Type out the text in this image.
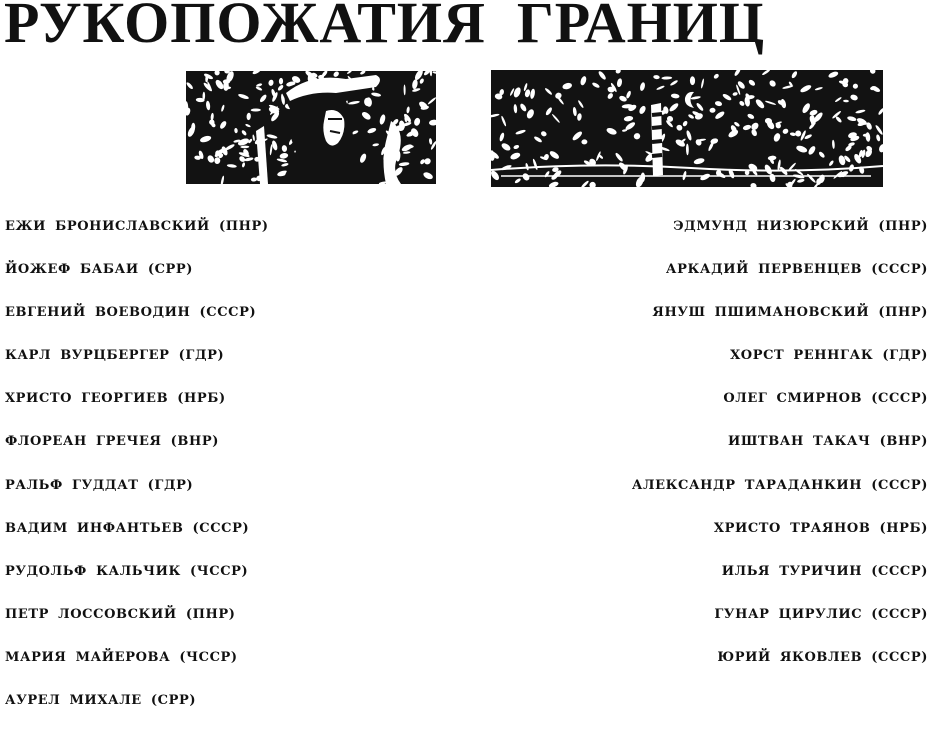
РУКОПОЖАТИЯ  ГРАНИЦ
ЕЖИ БРОНИСЛАВСКИЙ (ПНР)
ЙОЖЕФ БАБАИ (СРР)
ЕВГЕНИЙ ВОЕВОДИН (СССР)
КАРЛ ВУРЦБЕРГЕР (ГДР)
ХРИСТО ГЕОРГИЕВ (НРБ)
ФЛОРЕАН ГРЕЧЕЯ (ВНР)
РАЛЬФ ГУДДАТ (ГДР)
ВАДИМ ИНФАНТЬЕВ (СССР)
РУДОЛЬФ КАЛЬЧИК (ЧССР)
ПЕТР ЛОССОВСКИЙ (ПНР)
МАРИЯ МАЙЕРОВА (ЧССР)
АУРЕЛ МИХАЛЕ (СРР)
ЭДМУНД НИЗЮРСКИЙ (ПНР)
АРКАДИЙ ПЕРВЕНЦЕВ (СССР)
ЯНУШ ПШИМАНОВСКИЙ (ПНР)
ХОРСТ РЕННГАК (ГДР)
ОЛЕГ СМИРНОВ (СССР)
ИШТВАН ТАКАЧ (ВНР)
АЛЕКСАНДР ТАРАДАНКИН (СССР)
ХРИСТО ТРАЯНОВ (НРБ)
ИЛЬЯ ТУРИЧИН (СССР)
ГУНАР ЦИРУЛИС (СССР)
ЮРИЙ ЯКОВЛЕВ (СССР)
